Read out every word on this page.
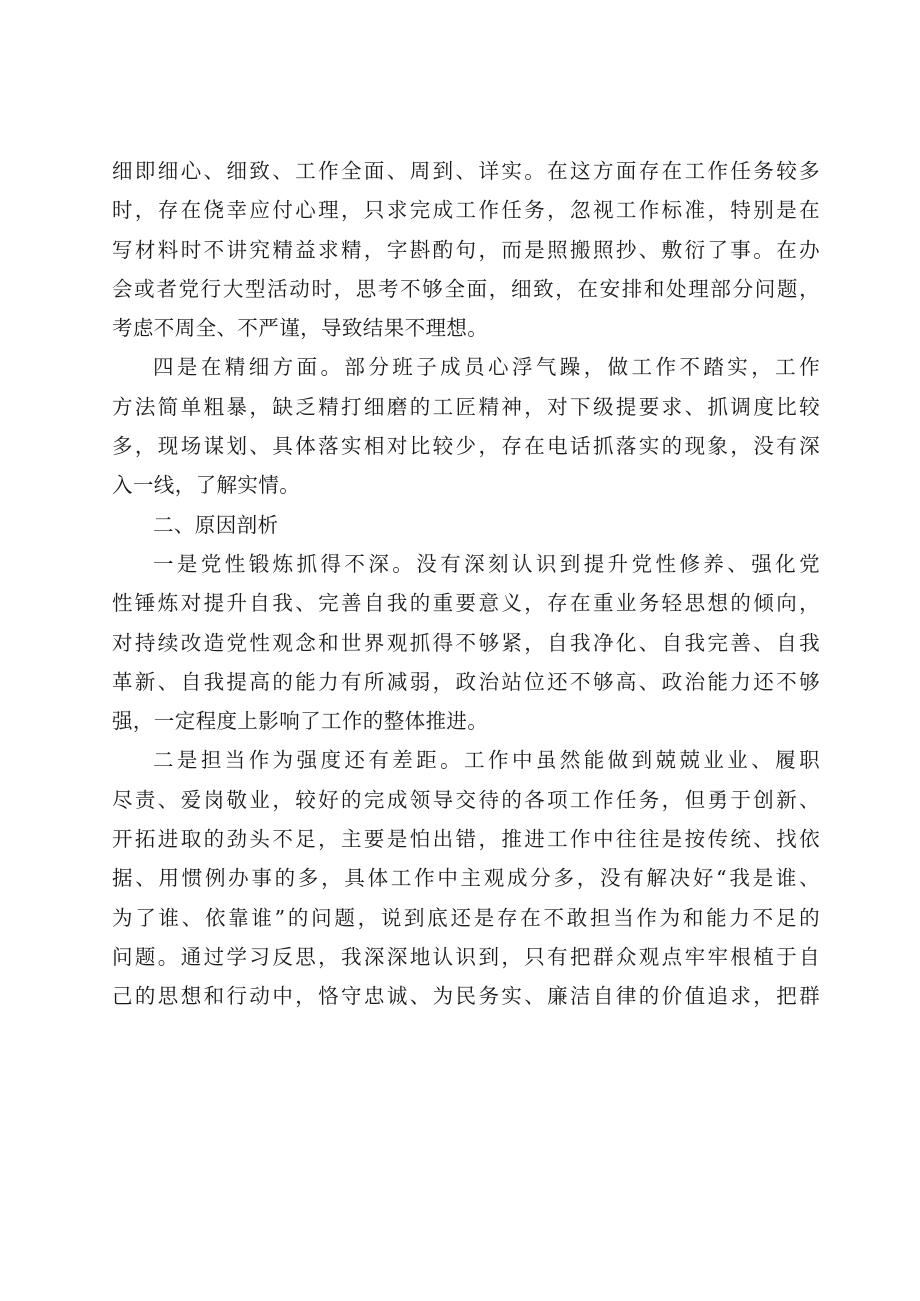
细即细心、细致、工作全面、周到、详实。在这方面存在工作任务较多

时，存在侥幸应付心理，只求完成工作任务，忽视工作标准，特别是在

写材料时不讲究精益求精，字斟酌句，而是照搬照抄、敷衍了事。在办

会或者党行大型活动时，思考不够全面，细致，在安排和处理部分问题，

考虑不周全、不严谨，导致结果不理想。

四是在精细方面。部分班子成员心浮气躁，做工作不踏实，工作

方法简单粗暴，缺乏精打细磨的工匠精神，对下级提要求、抓调度比较

多，现场谋划、具体落实相对比较少，存在电话抓落实的现象，没有深

入一线，了解实情。

二、原因剖析

一是党性锻炼抓得不深。没有深刻认识到提升党性修养、强化党

性锤炼对提升自我、完善自我的重要意义，存在重业务轻思想的倾向，

对持续改造党性观念和世界观抓得不够紧，自我净化、自我完善、自我

革新、自我提高的能力有所减弱，政治站位还不够高、政治能力还不够

强，一定程度上影响了工作的整体推进。

二是担当作为强度还有差距。工作中虽然能做到兢兢业业、履职

尽责、爱岗敬业，较好的完成领导交待的各项工作任务，但勇于创新、

开拓进取的劲头不足，主要是怕出错，推进工作中往往是按传统、找依

据、用惯例办事的多，具体工作中主观成分多，没有解决好“我是谁、

为了谁、依靠谁”的问题，说到底还是存在不敢担当作为和能力不足的

问题。通过学习反思，我深深地认识到，只有把群众观点牢牢根植于自

己的思想和行动中，恪守忠诚、为民务实、廉洁自律的价值追求，把群
